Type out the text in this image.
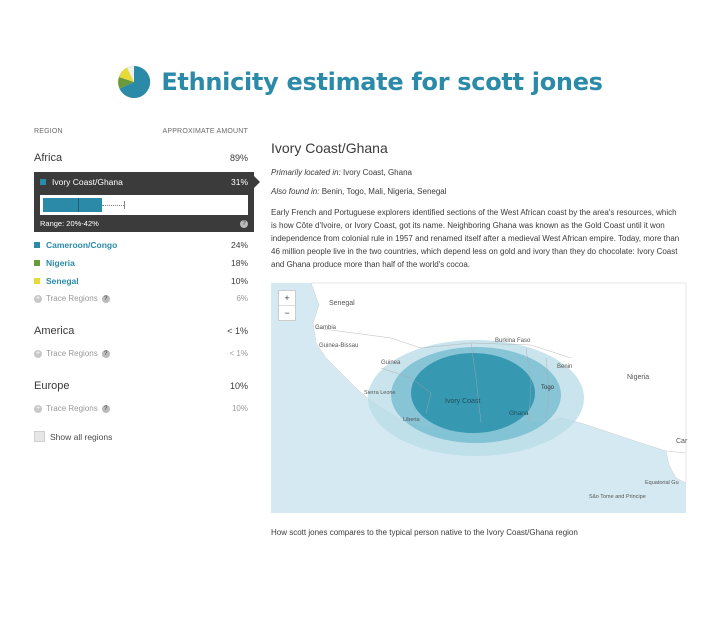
Ethnicity estimate for scott jones
REGION	APPROXIMATE AMOUNT
Africa	89%
Ivory Coast/Ghana	31%
Range: 20%-42%	?
Cameroon/Congo	24%
Nigeria	18%
Senegal	10%
+ Trace Regions	?	6%
America	< 1%
+ Trace Regions	?	< 1%
Europe	10%
+ Trace Regions	?	10%
Show all regions
Ivory Coast/Ghana
Primarily located in: Ivory Coast, Ghana
Also found in: Benin, Togo, Mali, Nigeria, Senegal
Early French and Portuguese explorers identified sections of the West African coast by the area's resources, which is how Côte d'Ivoire, or Ivory Coast, got its name. Neighboring Ghana was known as the Gold Coast until it won independence from colonial rule in 1957 and renamed itself after a medieval West African empire. Today, more than 46 million people live in the two countries, which depend less on gold and ivory than they do chocolate: Ivory Coast and Ghana produce more than half of the world's cocoa.
Senegal
Gambia
Guinea-Bissau
Guinea
Sierra Leone
Liberia
Burkina Faso
Benin
Togo
Nigeria
Ivory Coast
Ghana
Car
Equatorial Gu
São Tome and Principe
+
−
How scott jones compares to the typical person native to the Ivory Coast/Ghana region
